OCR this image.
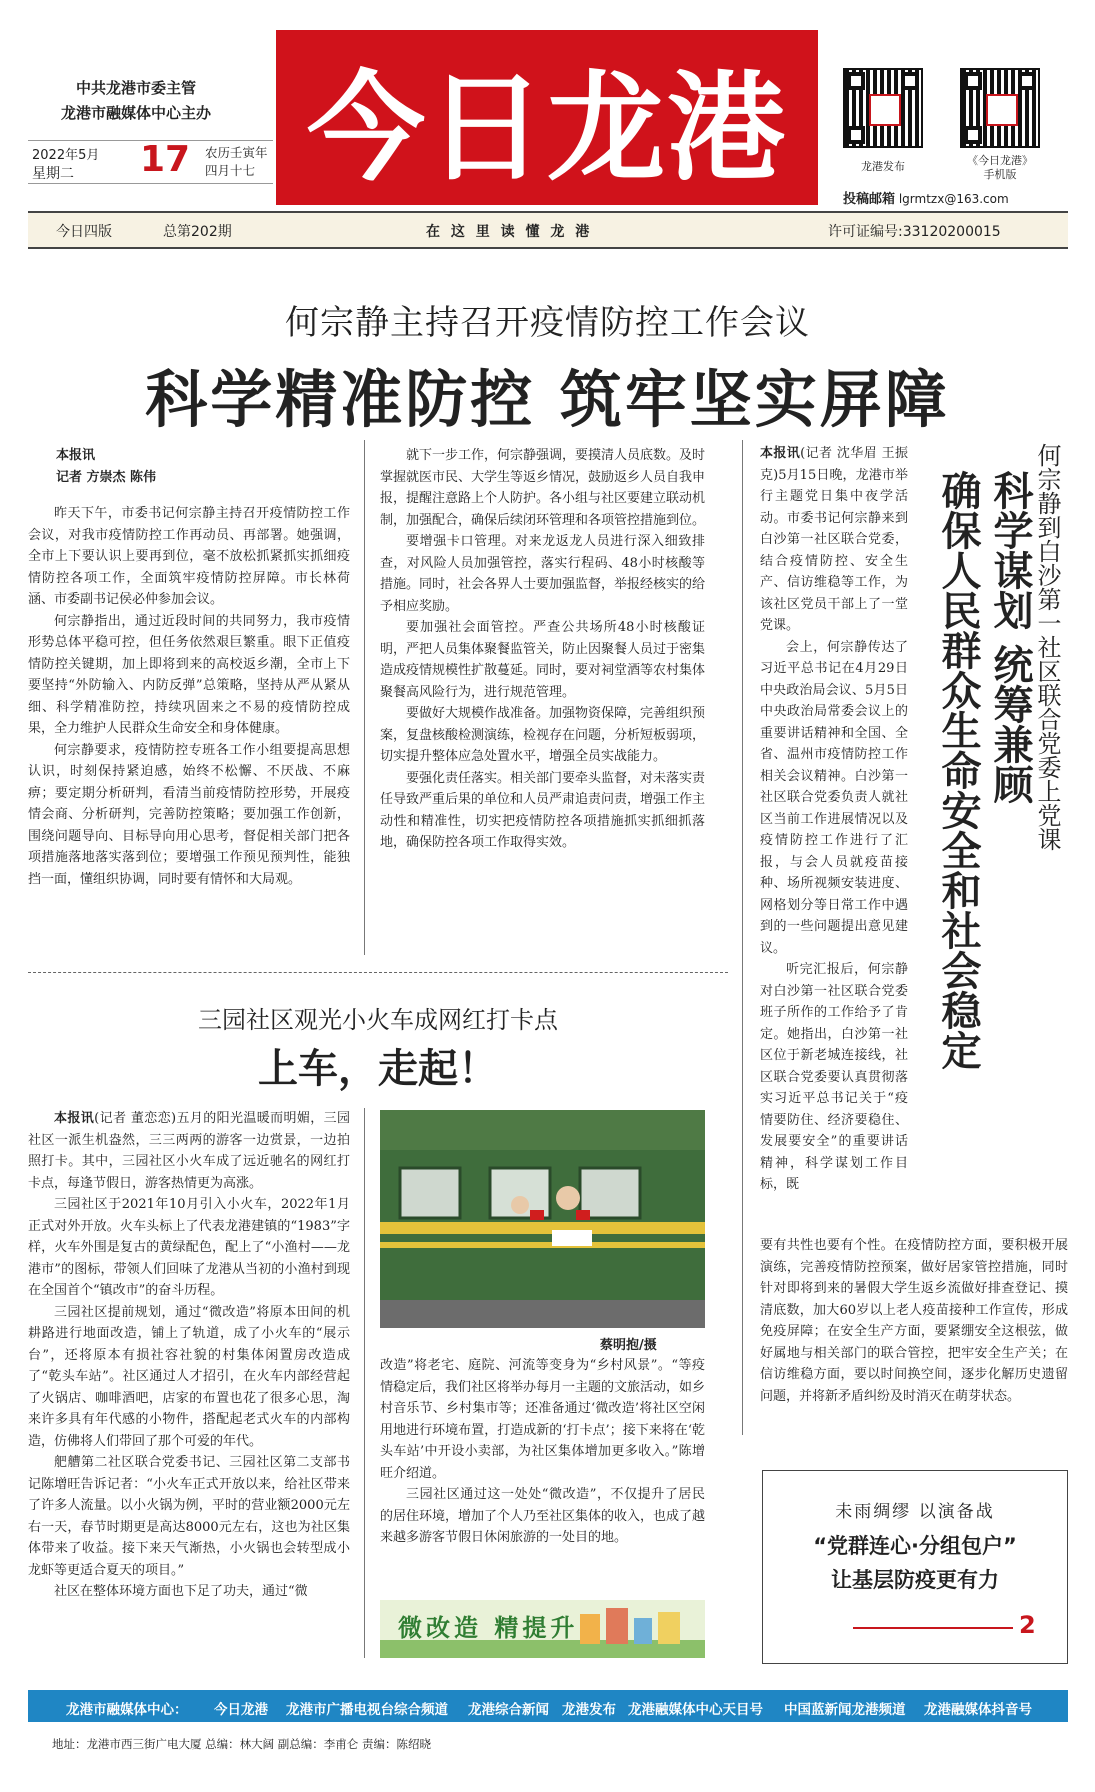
中共龙港市委主管
龙港市融媒体中心主办
2022年5月
星期二 17 农历壬寅年
四月十七 今日龙港	龙港发布	《今日龙港》
手机版
投稿邮箱 lgrmtzx@163.com
今日四版	总第202期	在 这 里 读 懂 龙 港	许可证编号:33120200015
何宗静主持召开疫情防控工作会议
科学精准防控 筑牢坚实屏障
本报讯
记者 方崇杰 陈伟

昨天下午，市委书记何宗静主持召开疫情防控工作会议，对我市疫情防控工作再动员、再部署。她强调，全市上下要认识上要再到位，毫不放松抓紧抓实抓细疫情防控各项工作，全面筑牢疫情防控屏障。市长林荷涵、市委副书记侯必仲参加会议。

何宗静指出，通过近段时间的共同努力，我市疫情形势总体平稳可控，但任务依然艰巨繁重。眼下正值疫情防控关键期，加上即将到来的高校返乡潮，全市上下要坚持“外防输入、内防反弹”总策略，坚持从严从紧从细、科学精准防控，持续巩固来之不易的疫情防控成果，全力维护人民群众生命安全和身体健康。

何宗静要求，疫情防控专班各工作小组要提高思想认识，时刻保持紧迫感，始终不松懈、不厌战、不麻痹；要定期分析研判，看清当前疫情防控形势，开展疫情会商、分析研判，完善防控策略；要加强工作创新，围绕问题导向、目标导向用心思考，督促相关部门把各项措施落地落实落到位；要增强工作预见预判性，能独挡一面，懂组织协调，同时要有情怀和大局观。

就下一步工作，何宗静强调，要摸清人员底数。及时掌握就医市民、大学生等返乡情况，鼓励返乡人员自我申报，提醒注意路上个人防护。各小组与社区要建立联动机制，加强配合，确保后续闭环管理和各项管控措施到位。

要增强卡口管理。对来龙返龙人员进行深入细致排查，对风险人员加强管控，落实行程码、48小时核酸等措施。同时，社会各界人士要加强监督，举报经核实的给予相应奖励。

要加强社会面管控。严查公共场所48小时核酸证明，严把人员集体聚餐监管关，防止因聚餐人员过于密集造成疫情规模性扩散蔓延。同时，要对祠堂酒等农村集体聚餐高风险行为，进行规范管理。

要做好大规模作战准备。加强物资保障，完善组织预案，复盘核酸检测演练，检视存在问题，分析短板弱项，切实提升整体应急处置水平，增强全员实战能力。

要强化责任落实。相关部门要牵头监督，对未落实责任导致严重后果的单位和人员严肃追责问责，增强工作主动性和精准性，切实把疫情防控各项措施抓实抓细抓落地，确保防控各项工作取得实效。	何宗静到白沙第一社区联合党委上党课
科学谋划 统筹兼顾
确保人民群众生命安全和社会稳定

本报讯(记者 沈华眉 王振克)5月15日晚，龙港市举行主题党日集中夜学活动。市委书记何宗静来到白沙第一社区联合党委，结合疫情防控、安全生产、信访维稳等工作，为该社区党员干部上了一堂党课。

会上，何宗静传达了习近平总书记在4月29日中央政治局会议、5月5日中央政治局常委会议上的重要讲话精神和全国、全省、温州市疫情防控工作相关会议精神。白沙第一社区联合党委负责人就社区当前工作进展情况以及疫情防控工作进行了汇报，与会人员就疫苗接种、场所视频安装进度、网格划分等日常工作中遇到的一些问题提出意见建议。

听完汇报后，何宗静对白沙第一社区联合党委班子所作的工作给予了肯定。她指出，白沙第一社区位于新老城连接线，社区联合党委要认真贯彻落实习近平总书记关于“疫情要防住、经济要稳住、发展要安全”的重要讲话精神，科学谋划工作目标，既

要有共性也要有个性。在疫情防控方面，要积极开展演练，完善疫情防控预案，做好居家管控措施，同时针对即将到来的暑假大学生返乡流做好排查登记、摸清底数，加大60岁以上老人疫苗接种工作宣传，形成免疫屏障；在安全生产方面，要紧绷安全这根弦，做好属地与相关部门的联合管控，把牢安全生产关；在信访维稳方面，要以时间换空间，逐步化解历史遗留问题，并将新矛盾纠纷及时消灭在萌芽状态。

三园社区观光小火车成网红打卡点
上车，走起！

本报讯(记者 董恋恋)五月的阳光温暖而明媚，三园社区一派生机盎然，三三两两的游客一边赏景，一边拍照打卡。其中，三园社区小火车成了远近驰名的网红打卡点，每逢节假日，游客热情更为高涨。

三园社区于2021年10月引入小火车，2022年1月正式对外开放。火车头标上了代表龙港建镇的“1983”字样，火车外围是复古的黄绿配色，配上了“小渔村——龙港市”的图标，带领人们回味了龙港从当初的小渔村到现在全国首个“镇改市”的奋斗历程。

三园社区提前规划，通过“微改造”将原本田间的机耕路进行地面改造，铺上了轨道，成了小火车的“展示台”，还将原本有损社容社貌的村集体闲置房改造成了“乾头车站”。社区通过人才招引，在火车内部经营起了火锅店、咖啡酒吧，店家的布置也花了很多心思，淘来许多具有年代感的小物件，搭配起老式火车的内部构造，仿佛将人们带回了那个可爱的年代。

舥艚第二社区联合党委书记、三园社区第二支部书记陈增旺告诉记者：“小火车正式开放以来，给社区带来了许多人流量。以小火锅为例，平时的营业额2000元左右一天，春节时期更是高达8000元左右，这也为社区集体带来了收益。接下来天气渐热，小火锅也会转型成小龙虾等更适合夏天的项目。”

社区在整体环境方面也下足了功夫，通过“微

蔡明抱/摄

改造”将老宅、庭院、河流等变身为“乡村风景”。“等疫情稳定后，我们社区将举办每月一主题的文旅活动，如乡村音乐节、乡村集市等；还准备通过‘微改造’将社区空闲用地进行环境布置，打造成新的‘打卡点’；接下来将在‘乾头车站’中开设小卖部，为社区集体增加更多收入。”陈增旺介绍道。

三园社区通过这一处处“微改造”，不仅提升了居民的居住环境，增加了个人乃至社区集体的收入，也成了越来越多游客节假日休闲旅游的一处目的地。

微改造 精提升
未雨绸缪 以演备战
“党群连心·分组包户”
让基层防疫更有力
2
龙港市融媒体中心： 今日龙港 龙港市广播电视台综合频道 龙港综合新闻 龙港发布 龙港融媒体中心天目号 中国蓝新闻龙港频道 龙港融媒体抖音号
地址：龙港市西三街广电大厦 总编：林大阔 副总编：李甫仑 责编：陈绍晓
